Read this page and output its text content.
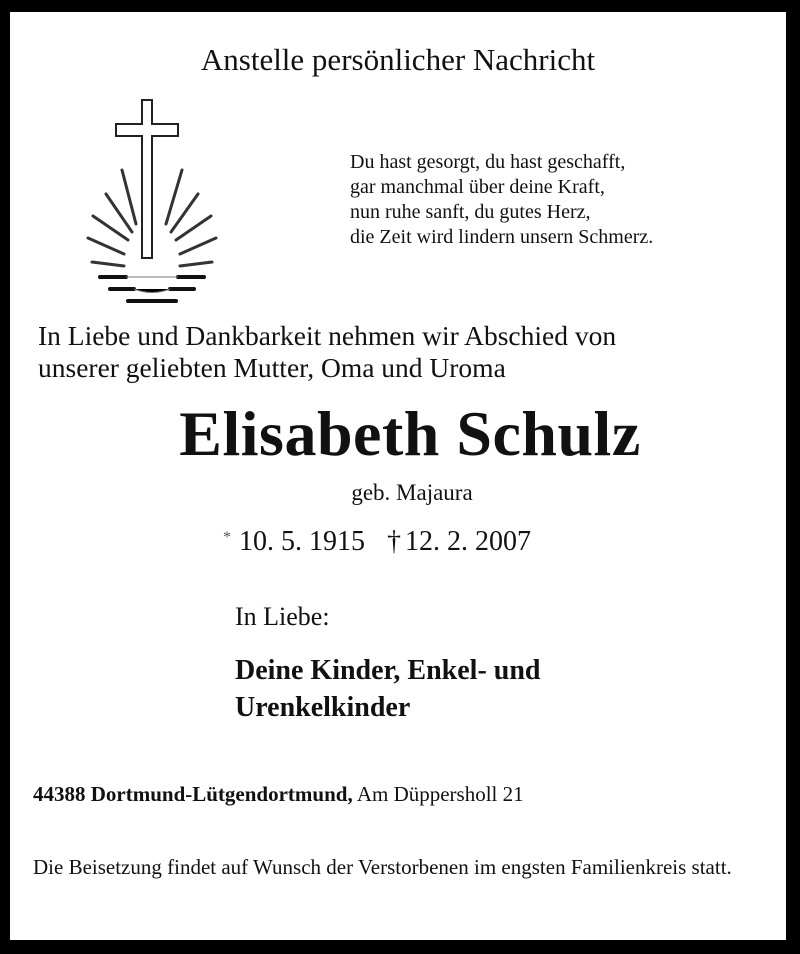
Anstelle persönlicher Nachricht
Du hast gesorgt, du hast geschafft,
gar manchmal über deine Kraft,
nun ruhe sanft, du gutes Herz,
die Zeit wird lindern unsern Schmerz.
In Liebe und Dankbarkeit nehmen wir Abschied von
unserer geliebten Mutter, Oma und Uroma
Elisabeth Schulz
geb. Majaura
* 10. 5. 1915 † 12. 2. 2007
In Liebe:
Deine Kinder, Enkel- und
Urenkelkinder
44388 Dortmund-Lütgendortmund, Am Düppersholl 21
Die Beisetzung findet auf Wunsch der Verstorbenen im engsten Familienkreis statt.
